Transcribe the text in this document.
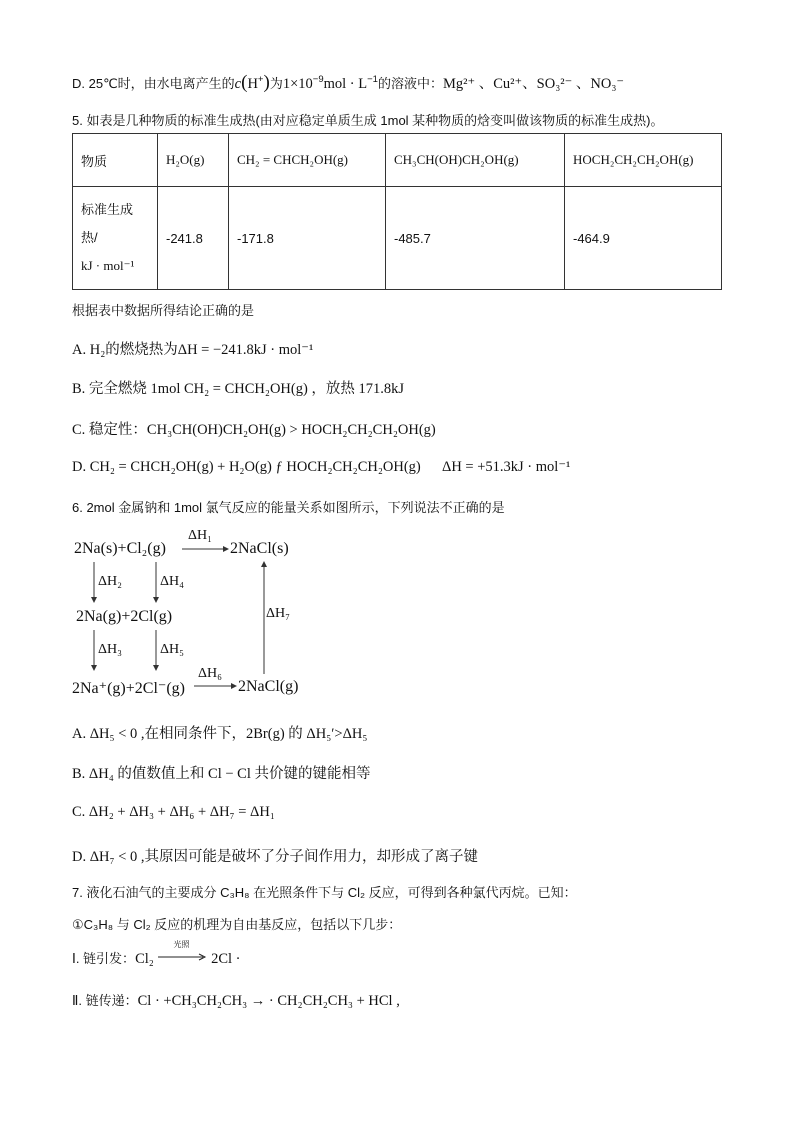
D. 25℃时，由水电离产生的c(H+)为$1\times 10^{-9}mol \cdot L^{-1}$的溶液中：Mg²⁺ 、Cu²⁺、SO₃²⁻ 、NO₃⁻
5. 如表是几种物质的标准生成热(由对应稳定单质生成 1mol 某种物质的焓变叫做该物质的标准生成热)。
物质	H₂O(g)	CH₂ = CHCH₂OH(g)	CH₃CH(OH)CH₂OH(g)	HOCH₂CH₂CH₂OH(g)

标准生成
热/
kJ · mol⁻¹	-241.8	-171.8	-485.7	-464.9
根据表中数据所得结论正确的是
A. H₂的燃烧热为ΔH = −241.8kJ · mol⁻¹
B. 完全燃烧 1mol CH₂ = CHCH₂OH(g) ，放热 171.8kJ
C. 稳定性：CH₃CH(OH)CH₂OH(g) > HOCH₂CH₂CH₂OH(g)
D. CH₂ = CHCH₂OH(g) + H₂O(g) ƒ HOCH₂CH₂CH₂OH(g) ΔH = +51.3kJ · mol⁻¹
6. 2mol 金属钠和 1mol 氯气反应的能量关系如图所示，下列说法不正确的是
2Na(s)+Cl₂(g)
ΔH₁
2NaCl(s)
ΔH₂	ΔH₄
ΔH₇
2Na(g)+2Cl(g)
ΔH₃	ΔH₅
2Na⁺(g)+2Cl⁻(g)
ΔH₆
2NaCl(g)
A. ΔH₅ < 0 ,在相同条件下，2Br(g) 的 ΔH₅′>ΔH₅
B. ΔH₄ 的值数值上和 Cl − Cl 共价键的键能相等
C. ΔH₂ + ΔH₃ + ΔH₆ + ΔH₇ = ΔH₁
D. ΔH₇ < 0 ,其原因可能是破坏了分子间作用力，却形成了离子键
7. 液化石油气的主要成分 C₃H₈ 在光照条件下与 Cl₂ 反应，可得到各种氯代丙烷。已知：
①C₃H₈ 与 Cl₂ 反应的机理为自由基反应，包括以下几步：
Ⅰ. 链引发：Cl₂
光照
2Cl ·
Ⅱ. 链传递：Cl · +CH₃CH₂CH₃ → · CH₂CH₂CH₃ + HCl ,
